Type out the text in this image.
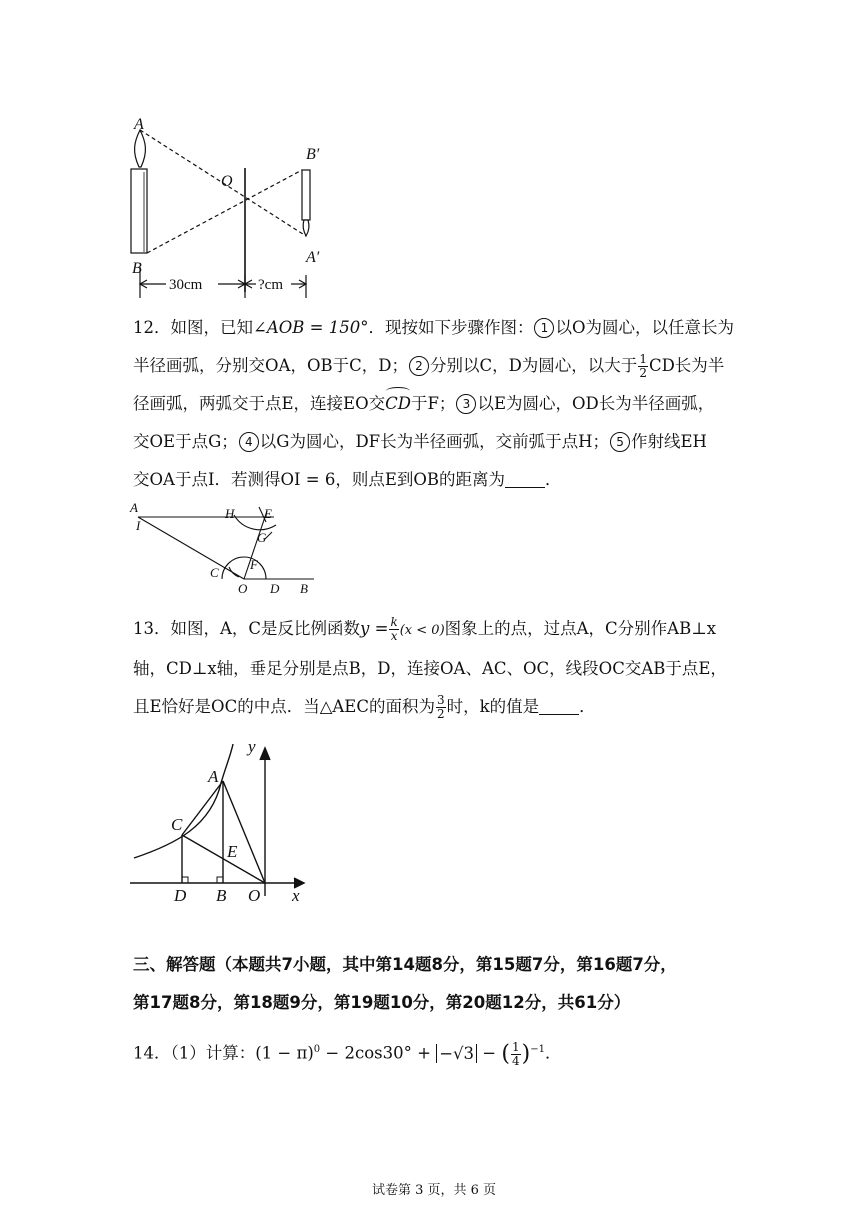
A
O
B′
A′
B
30cm	?cm
12．如图，已知∠AOB = 150°．现按如下步骤作图： 1 以O为圆心，以任意长为
半径画弧，分别交OA，OB于C，D； 2 分别以C，D为圆心，以大于 $\frac{1}{2}$ CD长为半
径画弧，两弧交于点E，连接EO交CD于F； 3 以E为圆心，OD长为半径画弧，
交OE于点G； 4 以G为圆心，DF长为半径画弧，交前弧于点H； 5 作射线EH
交OA于点I．若测得OI = 6，则点E到OB的距离为 ．
A
I
H E
G
C
F
O D B
13．如图，A，C是反比例函数$y = \frac{k}{x} (x < 0)$图象上的点，过点A，C分别作AB⊥x
轴，CD⊥x轴，垂足分别是点B，D，连接OA、AC、OC，线段OC交AB于点E，
且E恰好是OC的中点．当△AEC的面积为 $\frac{3}{2}$ 时，k的值是 ．
y
A
C
E
D B O x
三、解答题（本题共7小题，其中第14题8分，第15题7分，第16题7分，
第17题8分，第18题9分，第19题10分，第20题12分，共61分）
14．（1）计算：$(1 - \pi)^0 - 2\cos 30^\circ + -√3$ − ( $\frac{1}{4} )^{-1}$．
试卷第 3 页，共 6 页
